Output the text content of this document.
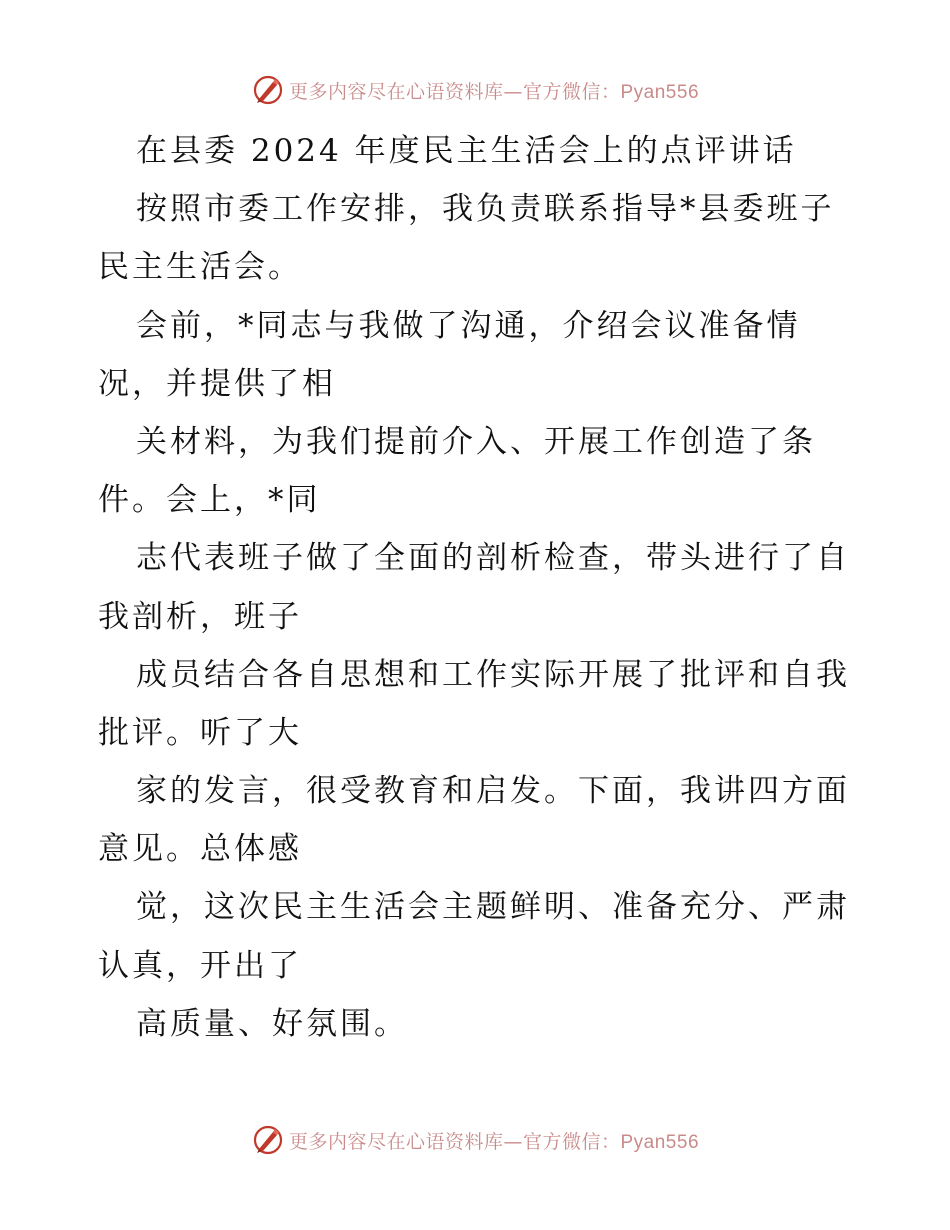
更多内容尽在心语资料库—官方微信：Pyan556
在县委 2024 年度民主生活会上的点评讲话
按照市委工作安排，我负责联系指导*县委班子
民主生活会。
会前，*同志与我做了沟通，介绍会议准备情
况，并提供了相
关材料，为我们提前介入、开展工作创造了条
件。会上，*同
志代表班子做了全面的剖析检查，带头进行了自
我剖析，班子
成员结合各自思想和工作实际开展了批评和自我
批评。听了大
家的发言，很受教育和启发。下面，我讲四方面
意见。总体感
觉，这次民主生活会主题鲜明、准备充分、严肃
认真，开出了
高质量、好氛围。
更多内容尽在心语资料库—官方微信：Pyan556
